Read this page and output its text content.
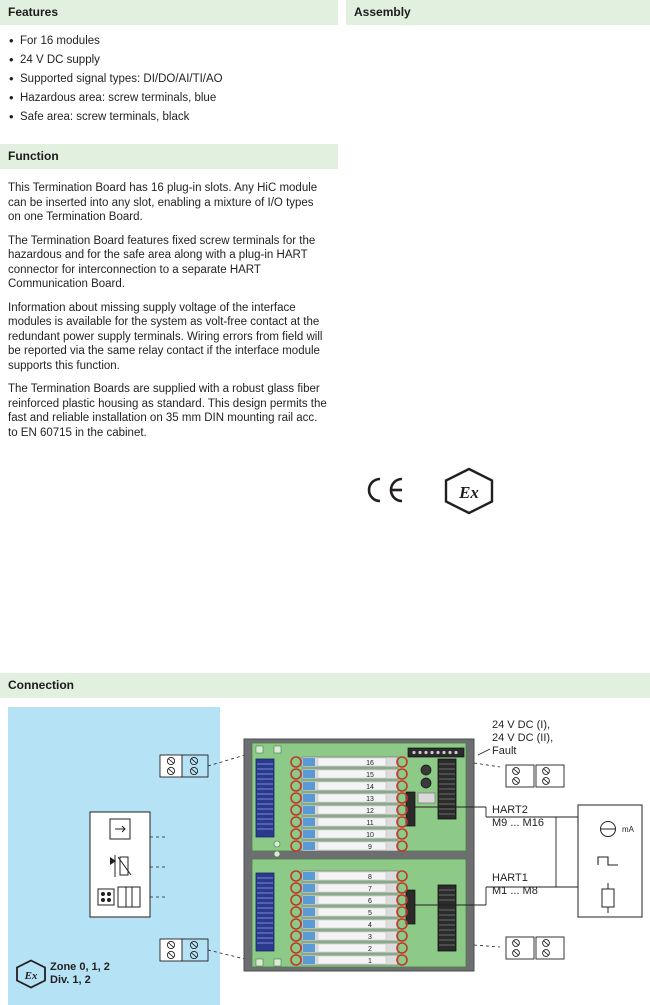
Features
• For 16 modules
• 24 V DC supply
• Supported signal types: DI/DO/AI/TI/AO
• Hazardous area: screw terminals, blue
• Safe area: screw terminals, black
Function

This Termination Board has 16 plug-in slots. Any HiC module can be inserted into any slot, enabling a mixture of I/O types on one Termination Board.

The Termination Board features fixed screw terminals for the hazardous and for the safe area along with a plug-in HART connector for interconnection to a separate HART Communication Board.

Information about missing supply voltage of the interface modules is available for the system as volt-free contact at the redundant power supply terminals. Wiring errors from field will be reported via the same relay contact if the interface module supports this function.

The Termination Boards are supplied with a robust glass fiber reinforced plastic housing as standard. This design permits the fast and reliable installation on 35 mm DIN mounting rail acc. to EN 60715 in the cabinet.

Assembly
Ex
Connection
Ex
Zone 0, 1, 2
Div. 1, 2
24 V DC (I),
24 V DC (II),
Fault
HART2
M9 ... M16
HART1
M1 ... M8
16
15
14
13
12
11
10
9
8
7
6
5
4
3
2
1
mA
